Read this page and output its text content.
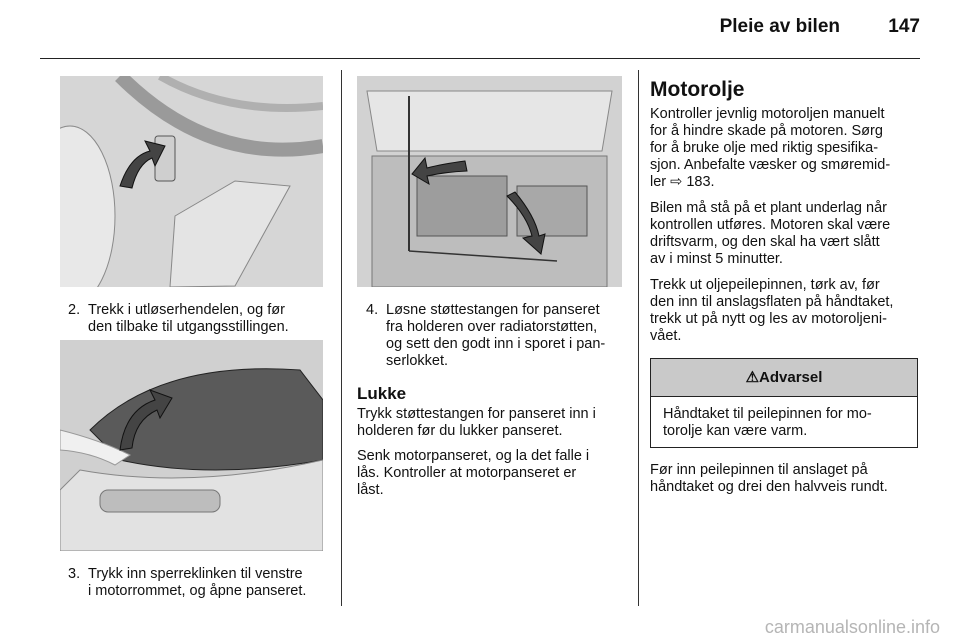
Pleie av bilen	147
2. Trekk i utløserhendelen, og før
den tilbake til utgangsstillingen.
3. Trykk inn sperreklinken til venstre
i motorrommet, og åpne panseret.
4. Løsne støttestangen for panseret
fra holderen over radiatorstøtten,
og sett den godt inn i sporet i pan-
serlokket.
Lukke
Trykk støttestangen for panseret inn i
holderen før du lukker panseret.
Senk motorpanseret, og la det falle i
lås. Kontroller at motorpanseret er
låst.
Motorolje
Kontroller jevnlig motoroljen manuelt
for å hindre skade på motoren. Sørg
for å bruke olje med riktig spesifika-
sjon. Anbefalte væsker og smøremid-
ler ⇨ 183.
Bilen må stå på et plant underlag når
kontrollen utføres. Motoren skal være
driftsvarm, og den skal ha vært slått
av i minst 5 minutter.
Trekk ut oljepeilepinnen, tørk av, før
den inn til anslagsflaten på håndtaket,
trekk ut på nytt og les av motoroljeni-
vået.
⚠Advarsel
Håndtaket til peilepinnen for mo-
torolje kan være varm.
Før inn peilepinnen til anslaget på
håndtaket og drei den halvveis rundt.
carmanualsonline.info
